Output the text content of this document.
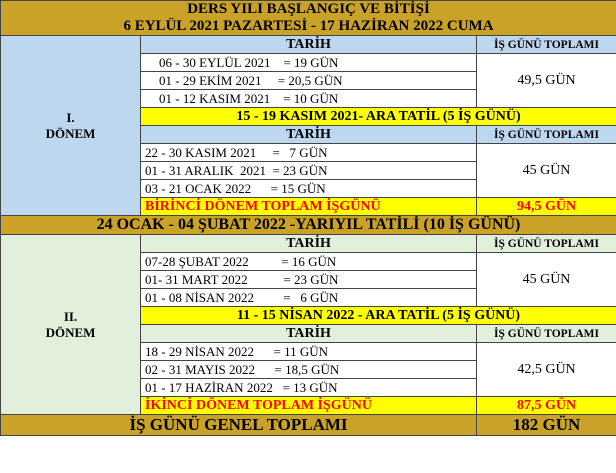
DERS YILI BAŞLANGIÇ VE BİTİŞİ		
6 EYLÜL 2021 PAZARTESİ - 17 HAZİRAN 2022 CUMA		

I.
DÖNEM	TARİH	İŞ GÜNÜ TOPLAMI
	06 - 30 EYLÜL 2021    = 19 GÜN	49,5 GÜN
	01 - 29 EKİM 2021     = 20,5 GÜN	
	01 - 12 KASIM 2021    = 10 GÜN	
	15 - 19 KASIM 2021- ARA TATİL (5 İŞ GÜNÜ)	
	TARİH	İŞ GÜNÜ TOPLAMI
	22 - 30 KASIM 2021     =   7 GÜN	45 GÜN
	01 - 31 ARALIK  2021  = 23 GÜN	
	03 - 21 OCAK 2022      = 15 GÜN	
	BİRİNCİ DÖNEM TOPLAM İŞGÜNÜ	94,5 GÜN
24 OCAK - 04 ŞUBAT 2022 -YARIYIL TATİLİ (10 İŞ GÜNÜ)		

II.
DÖNEM	TARİH	İŞ GÜNÜ TOPLAMI
	07-28 ŞUBAT 2022          = 16 GÜN	45 GÜN
	01- 31 MART 2022           = 23 GÜN	
	01 - 08 NİSAN 2022         =   6 GÜN	
	11 - 15 NİSAN 2022 - ARA TATİL (5 İŞ GÜNÜ)	
	TARİH	İŞ GÜNÜ TOPLAMI
	18 - 29 NİSAN 2022      = 11 GÜN	42,5 GÜN
	02 - 31 MAYIS 2022      = 18,5 GÜN	
	01 - 17 HAZİRAN 2022   = 13 GÜN	
	İKİNCİ DÖNEM TOPLAM İŞGÜNÜ	87,5 GÜN
İŞ GÜNÜ GENEL TOPLAMI		182 GÜN
